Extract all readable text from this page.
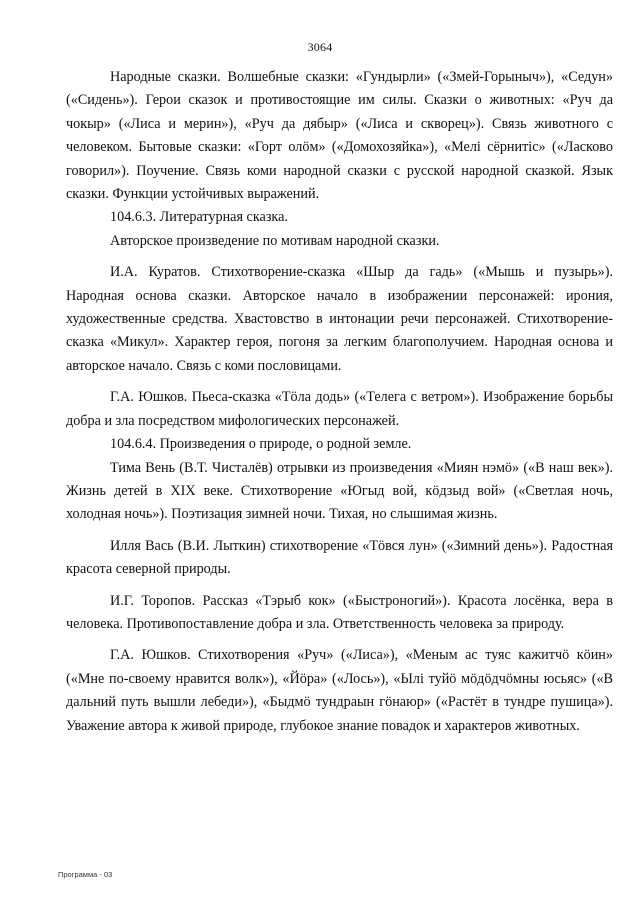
3064

Народные сказки. Волшебные сказки: «Гундырли» («Змей-Горыныч»), «Седун» («Сидень»). Герои сказок и противостоящие им силы. Сказки о животных: «Руч да чокыр» («Лиса и мерин»), «Руч да дябыр» («Лиса и скворец»). Связь животного с человеком. Бытовые сказки: «Горт олӧм» («Домохозяйка»), «Мелi сёрнитiс» («Ласково говорил»). Поучение. Связь коми народной сказки с русской народной сказкой. Язык сказки. Функции устойчивых выражений.

104.6.3. Литературная сказка.

Авторское произведение по мотивам народной сказки.

И.А. Куратов. Стихотворение-сказка «Шыр да гадь» («Мышь и пузырь»). Народная основа сказки. Авторское начало в изображении персонажей: ирония, художественные средства. Хвастовство в интонации речи персонажей. Стихотворение-сказка «Микул». Характер героя, погоня за легким благополучием. Народная основа и авторское начало. Связь с коми пословицами.

Г.А. Юшков. Пьеса-сказка «Тӧла додь» («Телега с ветром»). Изображение борьбы добра и зла посредством мифологических персонажей.

104.6.4. Произведения о природе, о родной земле.

Тима Вень (В.Т. Чисталёв) отрывки из произведения «Миян нэмӧ» («В наш век»). Жизнь детей в XIX веке. Стихотворение «Югыд вой, кӧдзыд вой» («Светлая ночь, холодная ночь»). Поэтизация зимней ночи. Тихая, но слышимая жизнь.

Илля Вась (В.И. Лыткин) стихотворение «Тӧвся лун» («Зимний день»). Радостная красота северной природы.

И.Г. Торопов. Рассказ «Тэрыб кок» («Быстроногий»). Красота лосёнка, вера в человека. Противопоставление добра и зла. Ответственность человека за природу.

Г.А. Юшков. Стихотворения «Руч» («Лиса»), «Меным ас туяс кажитчӧ кӧин» («Мне по-своему нравится волк»), «Йӧра» («Лось»), «Ылi туйӧ мӧдӧдчӧмны юсьяс» («В дальний путь вышли лебеди»), «Быдмӧ тундраын гӧнаюр» («Растёт в тундре пушица»). Уважение автора к живой природе, глубокое знание повадок и характеров животных.

Программа - 03
